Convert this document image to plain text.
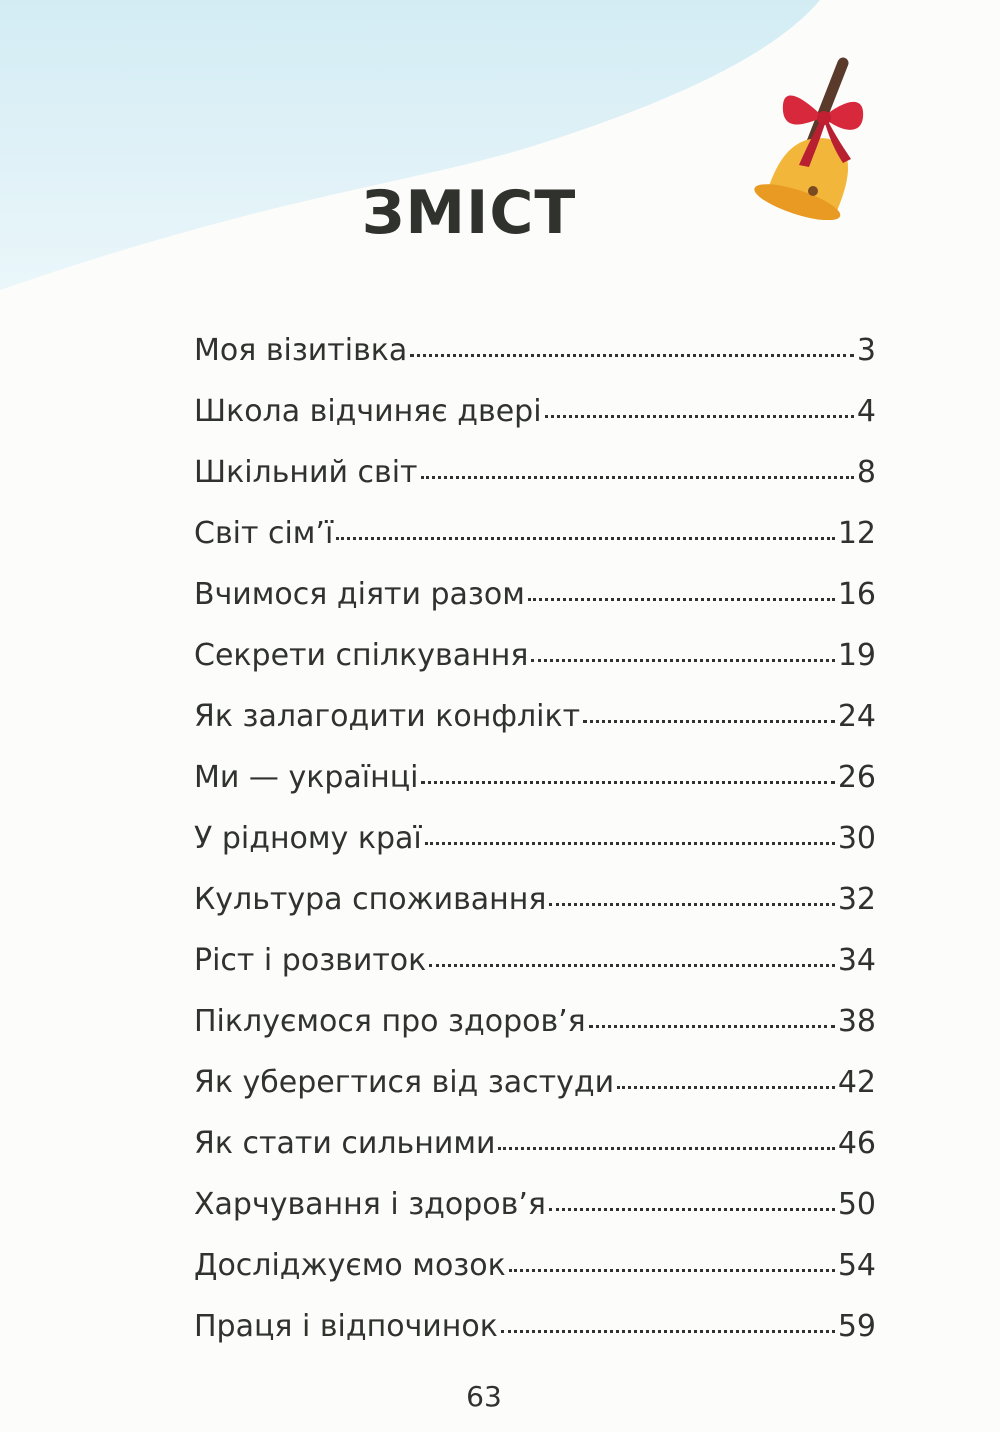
ЗМІСТ
Моя візитівка	3
Школа відчиняє двері	4
Шкільний світ	8
Світ сім’ї	12
Вчимося діяти разом	16
Секрети спілкування	19
Як залагодити конфлікт	24
Ми — українці	26
У рідному краї	30
Культура споживання	32
Ріст і розвиток	34
Піклуємося про здоров’я	38
Як уберегтися від застуди	42
Як стати сильними	46
Харчування і здоров’я	50
Досліджуємо мозок	54
Праця і відпочинок	59
63
